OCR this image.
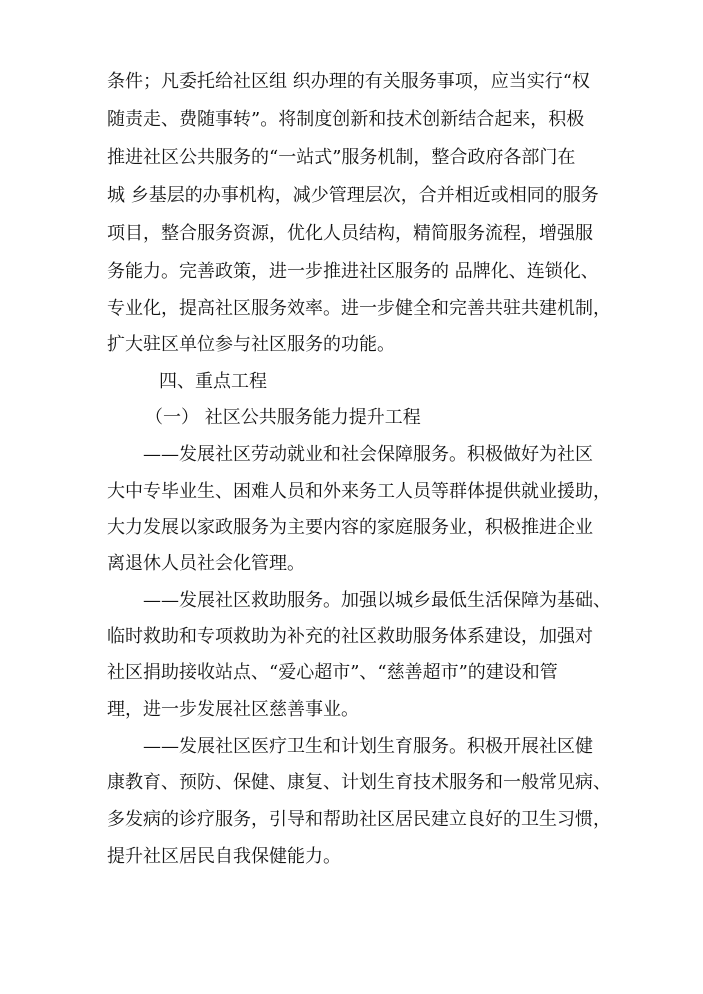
条件；凡委托给社区组 织办理的有关服务事项，应当实行“权
随责走、费随事转”。将制度创新和技术创新结合起来，积极
推进社区公共服务的“一站式”服务机制，整合政府各部门在
城 乡基层的办事机构，减少管理层次，合并相近或相同的服务
项目，整合服务资源，优化人员结构，精简服务流程，增强服
务能力。完善政策，进一步推进社区服务的 品牌化、连锁化、
专业化，提高社区服务效率。进一步健全和完善共驻共建机制，
扩大驻区单位参与社区服务的功能。
四、重点工程
（一） 社区公共服务能力提升工程
——发展社区劳动就业和社会保障服务。积极做好为社区
大中专毕业生、困难人员和外来务工人员等群体提供就业援助，
大力发展以家政服务为主要内容的家庭服务业，积极推进企业
离退休人员社会化管理。
——发展社区救助服务。加强以城乡最低生活保障为基础、
临时救助和专项救助为补充的社区救助服务体系建设，加强对
社区捐助接收站点、“爱心超市”、“慈善超市”的建设和管
理，进一步发展社区慈善事业。
——发展社区医疗卫生和计划生育服务。积极开展社区健
康教育、预防、保健、康复、计划生育技术服务和一般常见病、
多发病的诊疗服务，引导和帮助社区居民建立良好的卫生习惯，
提升社区居民自我保健能力。
